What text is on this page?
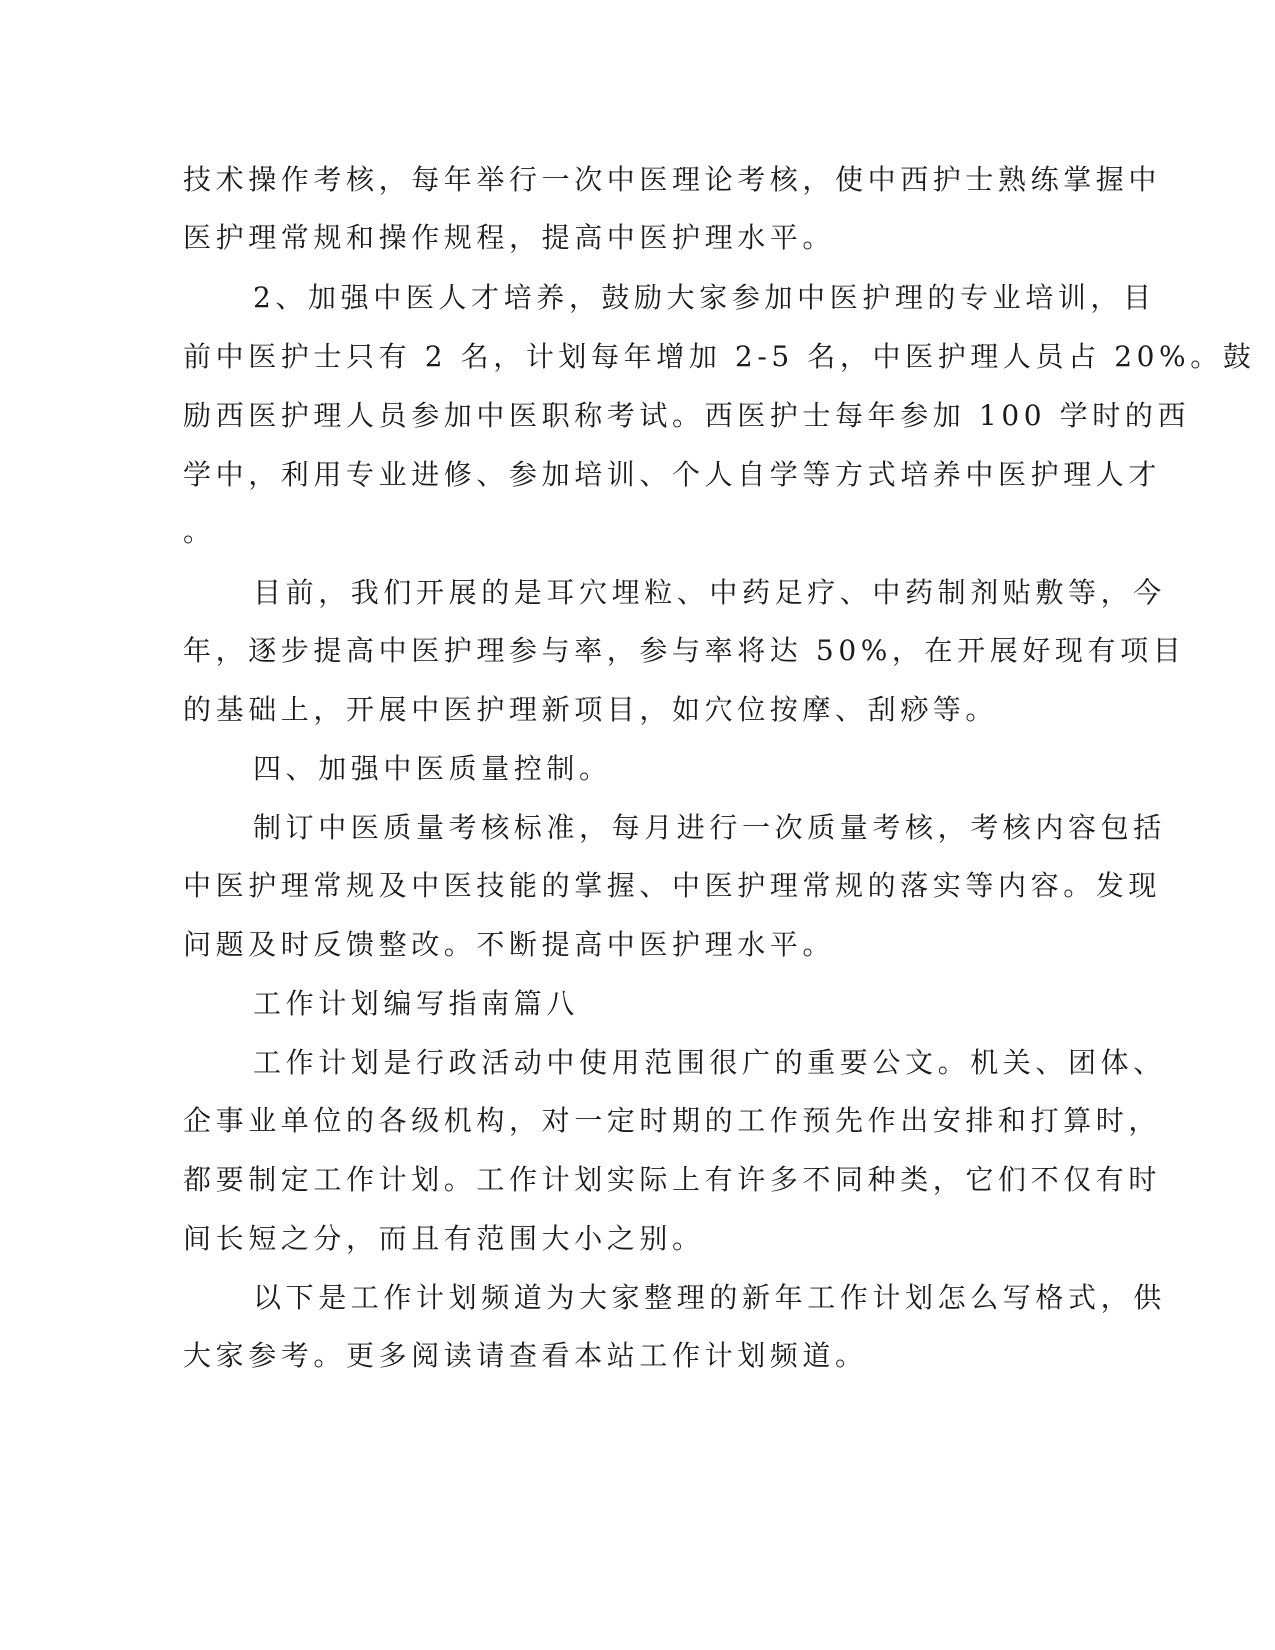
技术操作考核，每年举行一次中医理论考核，使中西护士熟练掌握中
医护理常规和操作规程，提高中医护理水平。
2、加强中医人才培养，鼓励大家参加中医护理的专业培训，目
前中医护士只有 2 名，计划每年增加 2-5 名，中医护理人员占 20%。鼓
励西医护理人员参加中医职称考试。西医护士每年参加 100 学时的西
学中，利用专业进修、参加培训、个人自学等方式培养中医护理人才
。
目前，我们开展的是耳穴埋粒、中药足疗、中药制剂贴敷等，今
年，逐步提高中医护理参与率，参与率将达 50%，在开展好现有项目
的基础上，开展中医护理新项目，如穴位按摩、刮痧等。
四、加强中医质量控制。
制订中医质量考核标准，每月进行一次质量考核，考核内容包括
中医护理常规及中医技能的掌握、中医护理常规的落实等内容。发现
问题及时反馈整改。不断提高中医护理水平。
工作计划编写指南篇八
工作计划是行政活动中使用范围很广的重要公文。机关、团体、
企事业单位的各级机构，对一定时期的工作预先作出安排和打算时，
都要制定工作计划。工作计划实际上有许多不同种类，它们不仅有时
间长短之分，而且有范围大小之别。
以下是工作计划频道为大家整理的新年工作计划怎么写格式，供
大家参考。更多阅读请查看本站工作计划频道。
